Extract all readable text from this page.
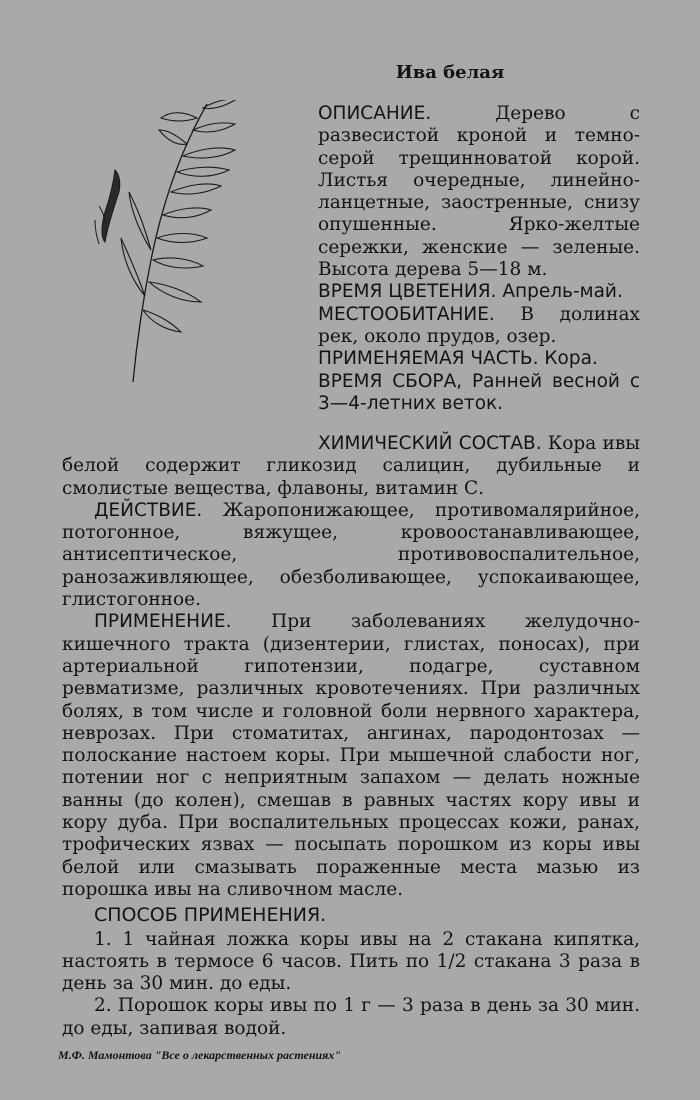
Ива белая

ОПИСАНИЕ.	Дерево с развесистой кроной и темно-серой трещинноватой корой. Листья очередные, линейно-ланцетные, заостренные, снизу опушенные. Ярко-желтые сережки, женские — зеленые. Высота дерева 5—18 м.

ВРЕМЯ ЦВЕТЕНИЯ. Апрель-май.

МЕСТООБИТАНИЕ. В долинах рек, около прудов, озер.

ПРИМЕНЯЕМАЯ ЧАСТЬ. Кора.

ВРЕМЯ СБОРА, Ранней весной с 3—4-летних веток.

ХИМИЧЕСКИЙ СОСТАВ. Кора ивы белой содержит гликозид салицин, дубильные и смолистые вещества, флавоны, витамин С.

ДЕЙСТВИЕ. Жаропонижающее, противомалярийное, потогонное, вяжущее, кровоостанавливающее, антисептическое, противовоспалительное, ранозаживляющее, обезболивающее, успокаивающее, глистогонное.

ПРИМЕНЕНИЕ. При заболеваниях желудочно-кишечного тракта (дизентерии, глистах, поносах), при артериальной гипотензии, подагре, суставном ревматизме, различных кровотечениях. При различных болях, в том числе и головной боли нервного характера, неврозах. При стоматитах, ангинах, пародонтозах — полоскание настоем коры. При мышечной слабости ног, потении ног с неприятным запахом — делать ножные ванны (до колен), смешав в равных частях кору ивы и кору дуба. При воспалительных процессах кожи, ранах, трофических язвах — посыпать порошком из коры ивы белой или смазывать пораженные места мазью из порошка ивы на сливочном масле.

СПОСОБ ПРИМЕНЕНИЯ.

1. 1 чайная ложка коры ивы на 2 стакана кипятка, настоять в термосе 6 часов. Пить по 1/2 стакана 3 раза в день за 30 мин. до еды.

2. Порошок коры ивы по 1 г — 3 раза в день за 30 мин. до еды, запивая водой.

М.Ф. Мамонтова "Все о лекарственных растениях"
